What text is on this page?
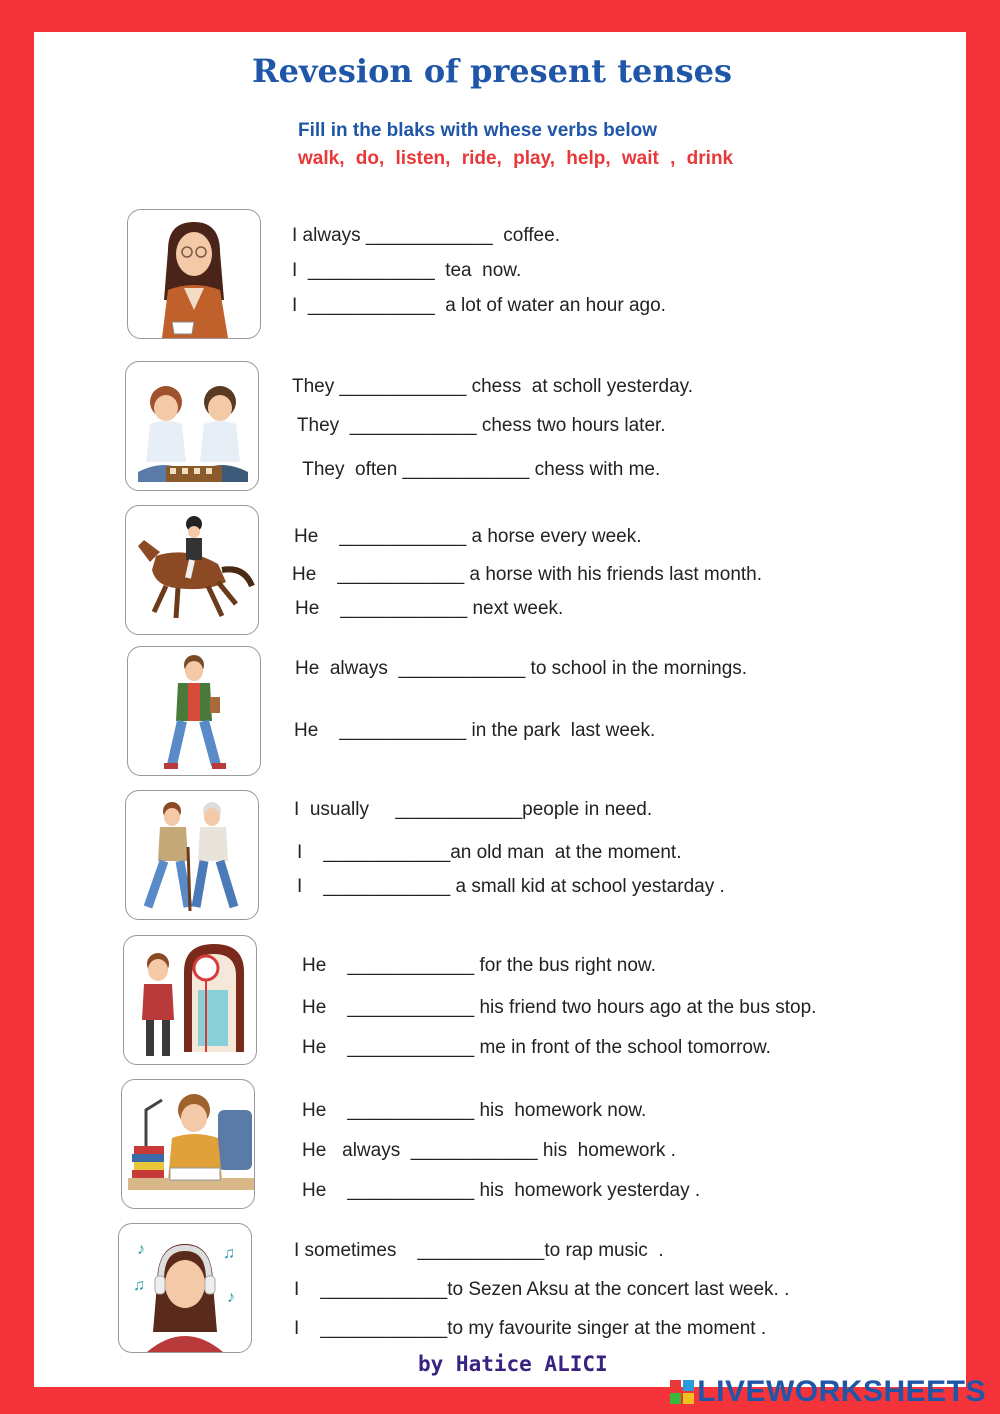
Revesion of present tenses
Fill in the blaks with whese verbs below
walk, do, listen, ride, play, help, wait , drink
♪	♫
♫
♪
I always ____________  coffee.
I  ____________  tea  now.
I  ____________  a lot of water an hour ago.
They ____________ chess  at scholl yesterday.
They  ____________ chess two hours later.
They  often ____________ chess with me.
He    ____________ a horse every week.
He    ____________ a horse with his friends last month.
He    ____________ next week.
He  always  ____________ to school in the mornings.
He    ____________ in the park  last week.
I  usually     ____________people in need.
I    ____________an old man  at the moment.
I    ____________ a small kid at school yestarday .
He    ____________ for the bus right now.
He    ____________ his friend two hours ago at the bus stop.
He    ____________ me in front of the school tomorrow.
He    ____________ his  homework now.
He   always  ____________ his  homework .
He    ____________ his  homework yesterday .
I sometimes    ____________to rap music  .
I    ____________to Sezen Aksu at the concert last week. .
I    ____________to my favourite singer at the moment .
by Hatice ALICI
LIVEWORKSHEETS
